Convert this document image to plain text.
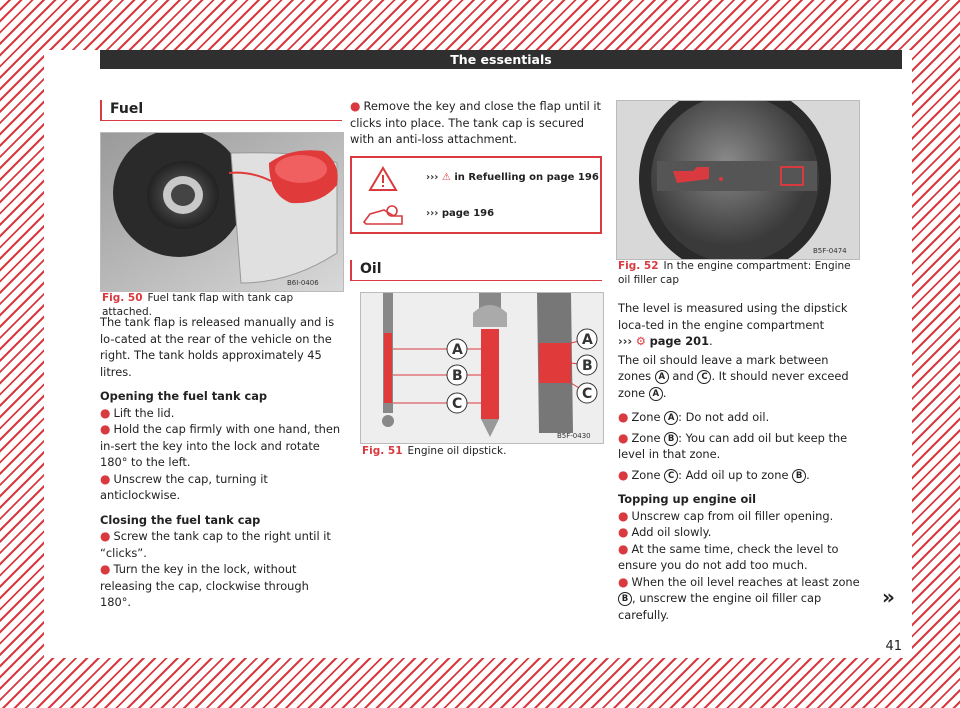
The essentials
Fuel
B6I-0406
Fig. 50 Fuel tank flap with tank cap attached.

The tank flap is released manually and is lo-cated at the rear of the vehicle on the right. The tank holds approximately 45 litres.

Opening the fuel tank cap
● Lift the lid.
● Hold the cap firmly with one hand, then in-sert the key into the lock and rotate 180° to the left.
● Unscrew the cap, turning it anticlockwise.
Closing the fuel tank cap
● Screw the tank cap to the right until it “clicks”.
● Turn the key in the lock, without releasing the cap, clockwise through 180°.
● Remove the key and close the flap until it clicks into place. The tank cap is secured with an anti-loss attachment.
››› ⚠ in Refuelling on page 196
››› page 196
Oil
A
B
C
A
B
C
B5F-0430
Fig. 51 Engine oil dipstick.
B5F-0474
Fig. 52 In the engine compartment: Engine oil filler cap

The level is measured using the dipstick loca-ted in the engine compartment
››› ⚙ page 201.

The oil should leave a mark between zones A and C . It should never exceed zone A .

● Zone A : Do not add oil.
● Zone B : You can add oil but keep the level in that zone.
● Zone C : Add oil up to zone B .
Topping up engine oil
● Unscrew cap from oil filler opening.
● Add oil slowly.
● At the same time, check the level to ensure you do not add too much.
● When the oil level reaches at least zone B , unscrew the engine oil filler cap carefully.
»
41
